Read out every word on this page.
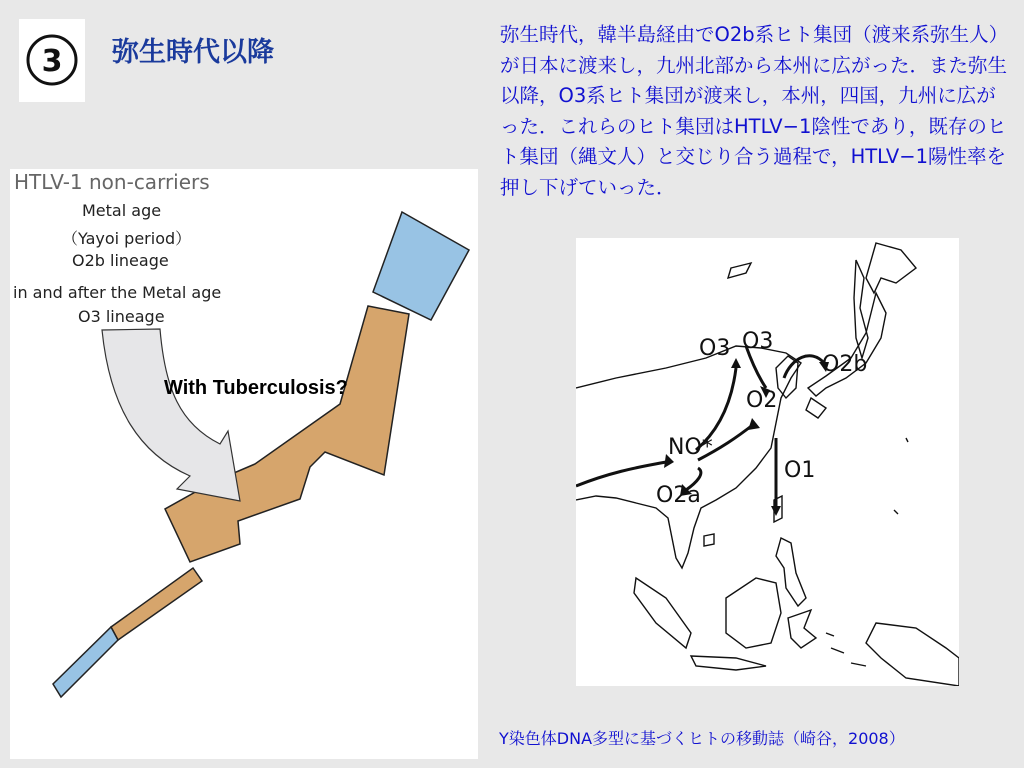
3 弥生時代以降
弥生時代，韓半島経由でO2b系ヒト集団（渡来系弥生人）が日本に渡来し，九州北部から本州に広がった．また弥生以降，O3系ヒト集団が渡来し，本州，四国，九州に広がった．これらのヒト集団はHTLV−1陰性であり，既存のヒト集団（縄文人）と交じり合う過程で，HTLV−1陽性率を押し下げていった．
HTLV-1 non-carriers
Metal age
（Yayoi period）
O2b lineage
in and after the Metal age
O3 lineage
With Tuberculosis?
O3 O3
O2b
O2
NO*
O1
O2a
Y染色体DNA多型に基づくヒトの移動誌（崎谷，2008）
